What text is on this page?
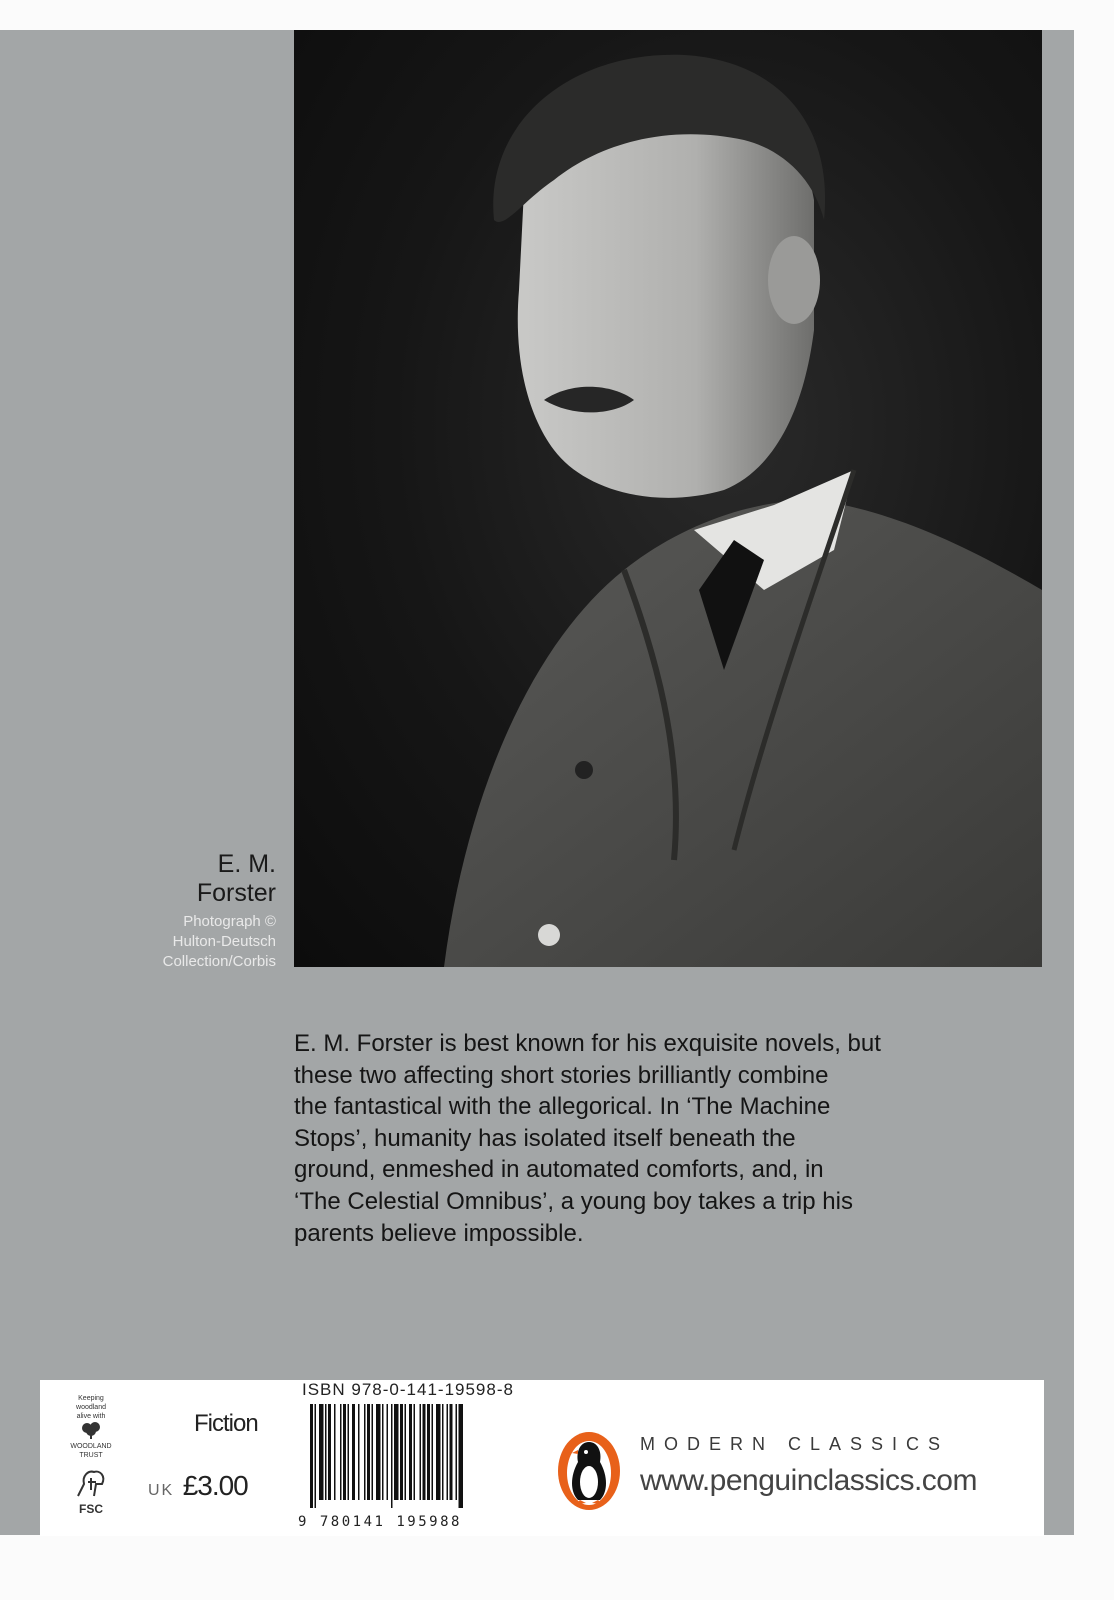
E. M.
Forster
Photograph ©
Hulton-Deutsch
Collection/Corbis
E. M. Forster is best known for his exquisite novels, but
these two affecting short stories brilliantly combine
the fantastical with the allegorical. In ‘The Machine
Stops’, humanity has isolated itself beneath the
ground, enmeshed in automated comforts, and, in
‘The Celestial Omnibus’, a young boy takes a trip his
parents believe impossible.
Keeping
woodland
alive with
WOODLAND
TRUST
FSC
Fiction
UK £3.00
ISBN 978-0-141-19598-8
9 780141 195988
MODERN CLASSICS
www.penguinclassics.com
